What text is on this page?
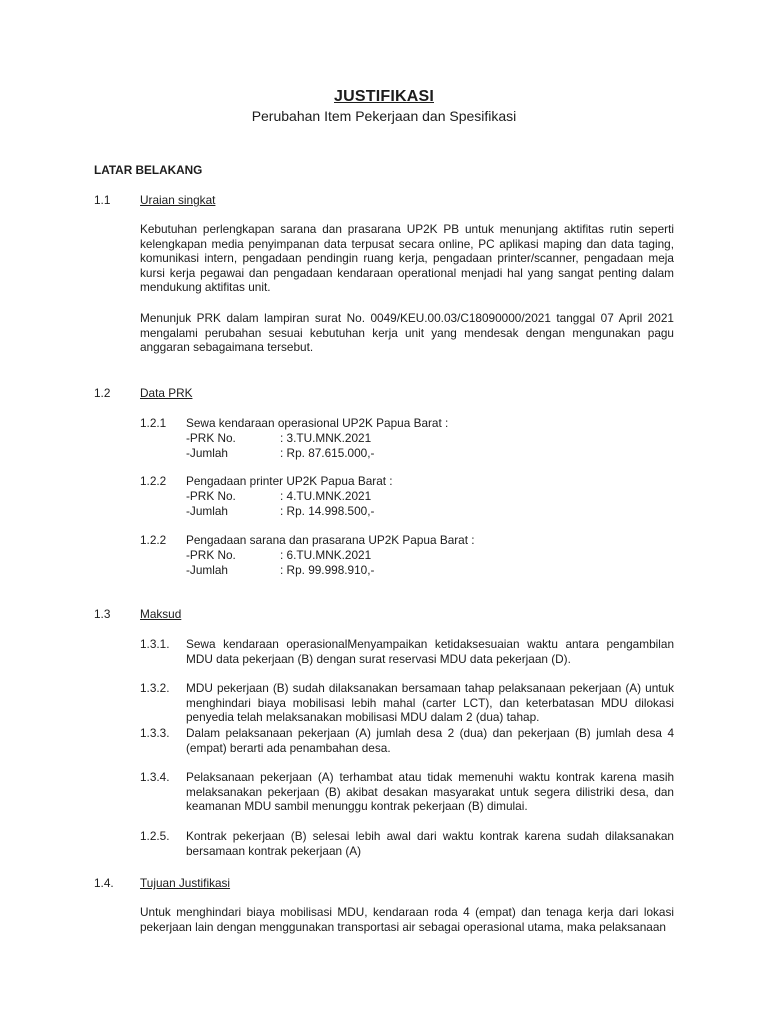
JUSTIFIKASI
Perubahan Item Pekerjaan dan Spesifikasi
LATAR BELAKANG
1.1	Uraian singkat
Kebutuhan perlengkapan sarana dan prasarana UP2K PB untuk menunjang aktifitas rutin seperti kelengkapan media penyimpanan data terpusat secara online, PC aplikasi maping dan data taging, komunikasi intern, pengadaan pendingin ruang kerja, pengadaan printer/scanner, pengadaan meja kursi kerja pegawai dan pengadaan kendaraan operational menjadi hal yang sangat penting dalam mendukung aktifitas unit.
Menunjuk PRK dalam lampiran surat No. 0049/KEU.00.03/C18090000/2021 tanggal 07 April 2021 mengalami perubahan sesuai kebutuhan kerja unit yang mendesak dengan mengunakan pagu anggaran sebagaimana tersebut.
1.2	Data PRK
1.2.1 Sewa kendaraan operasional UP2K Papua Barat :
-PRK No.	: 3.TU.MNK.2021
-Jumlah	: Rp. 87.615.000,-
1.2.2 Pengadaan printer UP2K Papua Barat :
-PRK No.	: 4.TU.MNK.2021
-Jumlah	: Rp. 14.998.500,-
1.2.2 Pengadaan sarana dan prasarana UP2K Papua Barat :
-PRK No.	: 6.TU.MNK.2021
-Jumlah	: Rp. 99.998.910,-
1.3	Maksud
1.3.1. Sewa kendaraan operasionalMenyampaikan ketidaksesuaian waktu antara pengambilan MDU data pekerjaan (B) dengan surat reservasi MDU data pekerjaan (D).
1.3.2. MDU pekerjaan (B) sudah dilaksanakan bersamaan tahap pelaksanaan pekerjaan (A) untuk menghindari biaya mobilisasi lebih mahal (carter LCT), dan keterbatasan MDU dilokasi penyedia telah melaksanakan mobilisasi MDU dalam 2 (dua) tahap.
1.3.3. Dalam pelaksanaan pekerjaan (A) jumlah desa 2 (dua) dan pekerjaan (B) jumlah desa 4 (empat) berarti ada penambahan desa.
1.3.4. Pelaksanaan pekerjaan (A) terhambat atau tidak memenuhi waktu kontrak karena masih melaksanakan pekerjaan (B) akibat desakan masyarakat untuk segera dilistriki desa, dan keamanan MDU sambil menunggu kontrak pekerjaan (B) dimulai.
1.2.5. Kontrak pekerjaan (B) selesai lebih awal dari waktu kontrak karena sudah dilaksanakan bersamaan kontrak pekerjaan (A)
1.4. Tujuan Justifikasi
Untuk menghindari biaya mobilisasi MDU, kendaraan roda 4 (empat) dan tenaga kerja dari lokasi pekerjaan lain dengan menggunakan transportasi air sebagai operasional utama, maka pelaksanaan
